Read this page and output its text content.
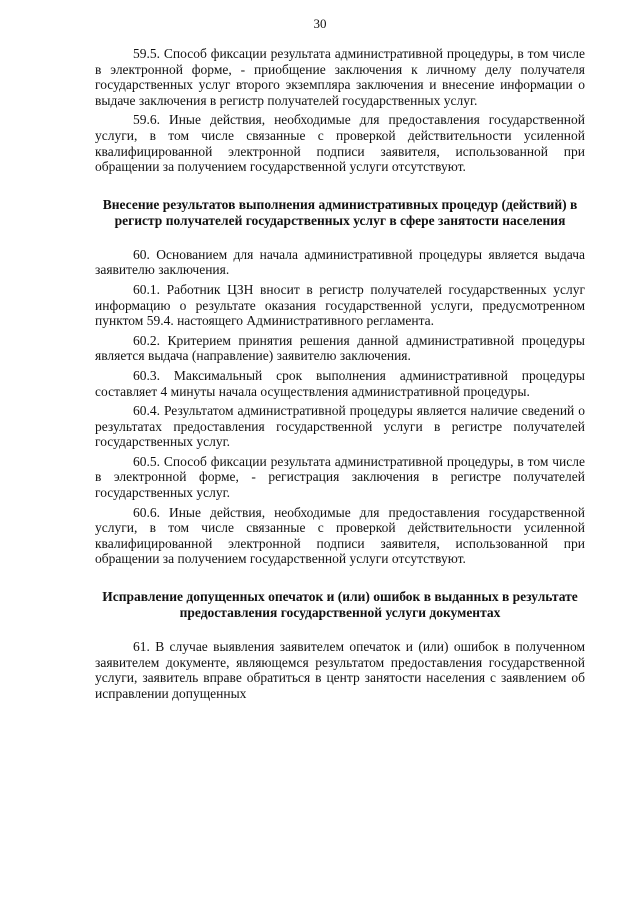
30

59.5. Способ фиксации результата административной процедуры, в том числе в электронной форме, - приобщение заключения к личному делу получателя государственных услуг второго экземпляра заключения и внесение информации о выдаче заключения в регистр получателей государственных услуг.

59.6. Иные действия, необходимые для предоставления государственной услуги, в том числе связанные с проверкой действительности усиленной квалифицированной электронной подписи заявителя, использованной при обращении за получением государственной услуги отсутствуют.

Внесение результатов выполнения административных процедур (действий) в регистр получателей государственных услуг в сфере занятости населения

60. Основанием для начала административной процедуры является выдача заявителю заключения.

60.1. Работник ЦЗН вносит в регистр получателей государственных услуг информацию о результате оказания государственной услуги, предусмотренном пунктом 59.4. настоящего Административного регламента.

60.2. Критерием принятия решения данной административной процедуры является выдача (направление) заявителю заключения.

60.3. Максимальный срок выполнения административной процедуры составляет 4 минуты начала осуществления административной процедуры.

60.4. Результатом административной процедуры является наличие сведений о результатах предоставления государственной услуги в регистре получателей государственных услуг.

60.5. Способ фиксации результата административной процедуры, в том числе в электронной форме, - регистрация заключения в регистре получателей государственных услуг.

60.6. Иные действия, необходимые для предоставления государственной услуги, в том числе связанные с проверкой действительности усиленной квалифицированной электронной подписи заявителя, использованной при обращении за получением государственной услуги отсутствуют.

Исправление допущенных опечаток и (или) ошибок в выданных в результате предоставления государственной услуги документах

61. В случае выявления заявителем опечаток и (или) ошибок в полученном заявителем документе, являющемся результатом предоставления государственной услуги, заявитель вправе обратиться в центр занятости населения с заявлением об исправлении допущенных
